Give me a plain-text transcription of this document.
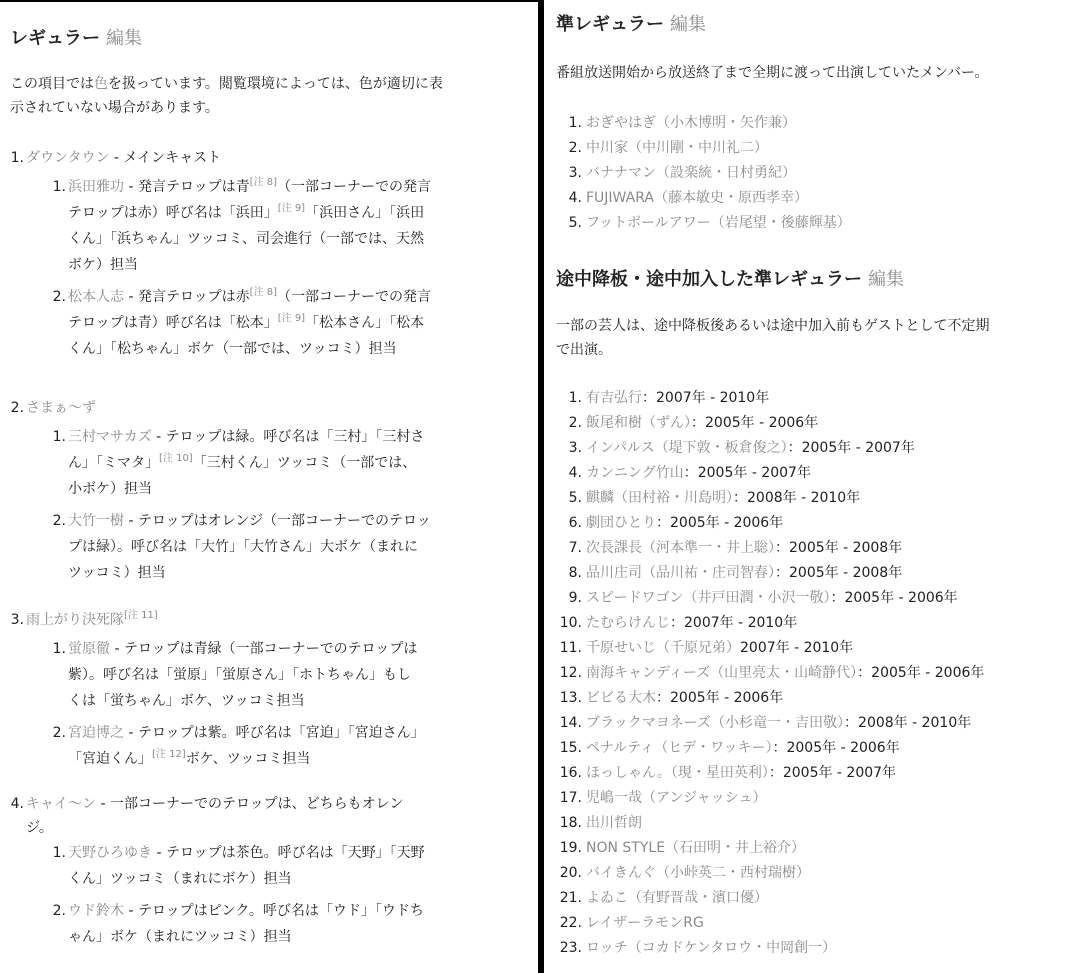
レギュラー 編集

この項目では色を扱っています。閲覧環境によっては、色が適切に表
示されていない場合があります。

1. ダウンタウン - メインキャスト
1. 浜田雅功 - 発言テロップは青[注 8]（一部コーナーでの発言
テロップは赤）呼び名は「浜田」[注 9]「浜田さん」「浜田
くん」「浜ちゃん」ツッコミ、司会進行（一部では、天然
ボケ）担当
2. 松本人志 - 発言テロップは赤[注 8]（一部コーナーでの発言
テロップは青）呼び名は「松本」[注 9]「松本さん」「松本
くん」「松ちゃん」ボケ（一部では、ツッコミ）担当
2. さまぁ〜ず
1. 三村マサカズ - テロップは緑。呼び名は「三村」「三村さ
ん」「ミマタ」[注 10]「三村くん」ツッコミ（一部では、
小ボケ）担当
2. 大竹一樹 - テロップはオレンジ（一部コーナーでのテロッ
プは緑）。呼び名は「大竹」「大竹さん」大ボケ（まれに
ツッコミ）担当
3. 雨上がり決死隊[注 11]
1. 蛍原徹 - テロップは青緑（一部コーナーでのテロップは
紫）。呼び名は「蛍原」「蛍原さん」「ホトちゃん」もし
くは「蛍ちゃん」ボケ、ツッコミ担当
2. 宮迫博之 - テロップは紫。呼び名は「宮迫」「宮迫さん」
「宮迫くん」[注 12]ボケ、ツッコミ担当
4. キャイ〜ン - 一部コーナーでのテロップは、どちらもオレン
ジ。
1. 天野ひろゆき - テロップは茶色。呼び名は「天野」「天野
くん」ツッコミ（まれにボケ）担当
2. ウド鈴木 - テロップはピンク。呼び名は「ウド」「ウドち
ゃん」ボケ（まれにツッコミ）担当
準レギュラー 編集

番組放送開始から放送終了まで全期に渡って出演していたメンバー。

1. おぎやはぎ（小木博明・矢作兼）
2. 中川家（中川剛・中川礼二）
3. バナナマン（設楽統・日村勇紀）
4. FUJIWARA（藤本敏史・原西孝幸）
5. フットボールアワー（岩尾望・後藤輝基）
途中降板・途中加入した準レギュラー 編集

一部の芸人は、途中降板後あるいは途中加入前もゲストとして不定期
で出演。

1. 有吉弘行：2007年 - 2010年
2. 飯尾和樹（ずん）：2005年 - 2006年
3. インパルス（堤下敦・板倉俊之）：2005年 - 2007年
4. カンニング竹山：2005年 - 2007年
5. 麒麟（田村裕・川島明）：2008年 - 2010年
6. 劇団ひとり：2005年 - 2006年
7. 次長課長（河本準一・井上聡）：2005年 - 2008年
8. 品川庄司（品川祐・庄司智春）：2005年 - 2008年
9. スピードワゴン（井戸田潤・小沢一敬）：2005年 - 2006年
10. たむらけんじ：2007年 - 2010年
11. 千原せいじ（千原兄弟）2007年 - 2010年
12. 南海キャンディーズ（山里亮太・山崎静代）：2005年 - 2006年
13. ビビる大木：2005年 - 2006年
14. ブラックマヨネーズ（小杉竜一・吉田敬）：2008年 - 2010年
15. ペナルティ（ヒデ・ワッキー）：2005年 - 2006年
16. ほっしゃん。（現・星田英利）：2005年 - 2007年
17. 児嶋一哉（アンジャッシュ）
18. 出川哲朗
19. NON STYLE（石田明・井上裕介）
20. バイきんぐ（小峠英二・西村瑞樹）
21. よゐこ（有野晋哉・濱口優）
22. レイザーラモンRG
23. ロッチ（コカドケンタロウ・中岡創一）
